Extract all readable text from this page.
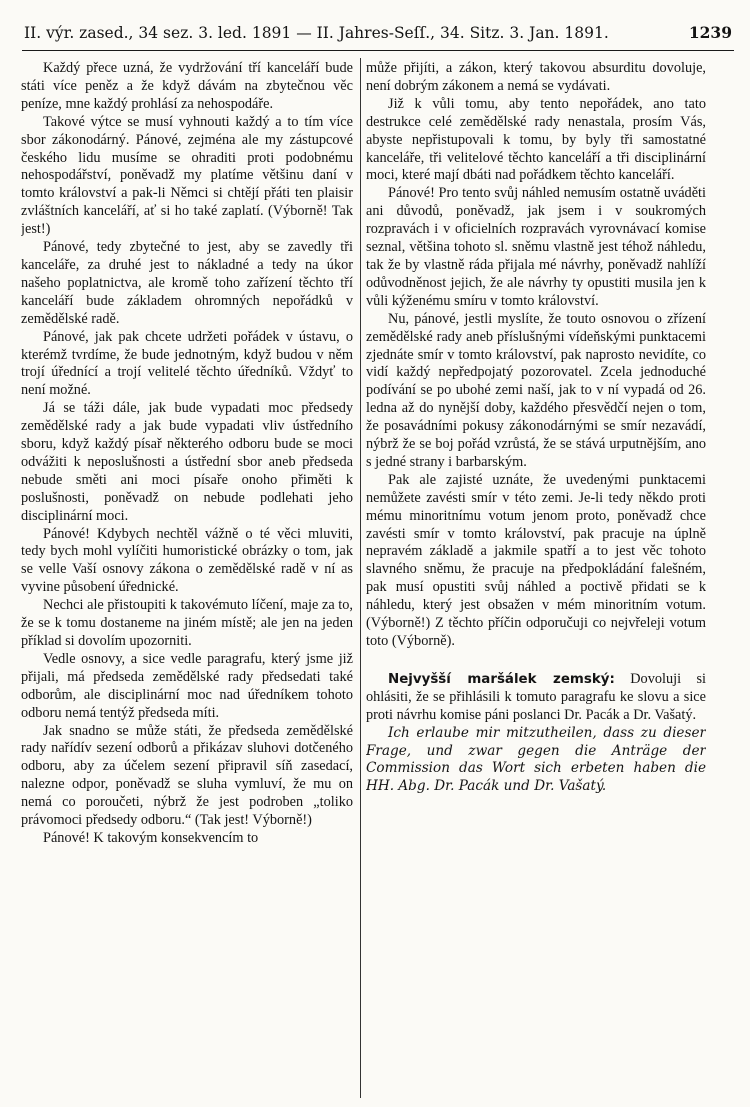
II. výr. zased., 34 sez. 3. led. 1891 — II. Jahres-Seſſ., 34. Sitz. 3. Jan. 1891.	1239

Každý přece uzná, že vydržování tří kanceláří bude státi více peněz a že když dávám na zbytečnou věc peníze, mne každý prohlásí za nehospodáře.

Takové výtce se musí vyhnouti každý a to tím více sbor zákonodárný. Pánové, zejména ale my zástupcové českého lidu musíme se ohraditi proti podobnému nehospodářství, poněvadž my platíme většinu daní v tomto království a pak-li Němci si chtějí přáti ten plaisir zvláštních kanceláří, ať si ho také zaplatí. (Výborně! Tak jest!)

Pánové, tedy zbytečné to jest, aby se zavedly tři kanceláře, za druhé jest to nákladné a tedy na úkor našeho poplatnictva, ale kromě toho zařízení těchto tří kanceláří bude základem ohromných nepořádků v zemědělské radě.

Pánové, jak pak chcete udržeti pořádek v ústavu, o kterémž tvrdíme, že bude jednotným, když budou v něm trojí úřednící a trojí velitelé těchto úředníků. Vždyť to není možné.

Já se táži dále, jak bude vypadati moc předsedy zemědělské rady a jak bude vypadati vliv ústředního sboru, když každý písař některého odboru bude se moci odvážiti k neposlušnosti a ústřední sbor aneb předseda nebude směti ani moci písaře onoho přiměti k poslušnosti, poněvadž on nebude podlehati jeho disciplinární moci.

Pánové! Kdybych nechtěl vážně o té věci mluviti, tedy bych mohl vylíčiti humoristické obrázky o tom, jak se velle Vaší osnovy zákona o zemědělské radě v ní as vyvine působení úřednické.

Nechci ale přistoupiti k takovémuto líčení, maje za to, že se k tomu dostaneme na jiném místě; ale jen na jeden příklad si dovolím upozorniti.

Vedle osnovy, a sice vedle paragrafu, který jsme již přijali, má předseda zemědělské rady předsedati také odborům, ale disciplinární moc nad úředníkem tohoto odboru nemá tentýž předseda míti.

Jak snadno se může státi, že předseda zemědělské rady nařídív sezení odborů a přikázav sluhovi dotčeného odboru, aby za účelem sezení připravil síň zasedací, nalezne odpor, poněvadž se sluha vymluví, že mu on nemá co poroučeti, nýbrž že jest podroben „toliko právomoci předsedy odboru.“ (Tak jest! Výborně!)

Pánové! K takovým konsekvencím to

může přijíti, a zákon, který takovou absurditu dovoluje, není dobrým zákonem a nemá se vydávati.

Již k vůli tomu, aby tento nepořádek, ano tato destrukce celé zemědělské rady nenastala, prosím Vás, abyste nepřistupovali k tomu, by byly tři samostatné kanceláře, tři velitelové těchto kanceláří a tři disciplinární moci, které mají dbáti nad pořádkem těchto kanceláří.

Pánové! Pro tento svůj náhled nemusím ostatně uváděti ani důvodů, poněvadž, jak jsem i v soukromých rozpravách i v oficielních rozpravách vyrovnávací komise seznal, většina tohoto sl. sněmu vlastně jest téhož náhledu, tak že by vlastně ráda přijala mé návrhy, poněvadž nahlíží odůvodněnost jejich, že ale návrhy ty opustiti musila jen k vůli kýženému smíru v tomto království.

Nu, pánové, jestli myslíte, že touto osnovou o zřízení zemědělské rady aneb příslušnými vídeňskými punktacemi zjednáte smír v tomto království, pak naprosto nevidíte, co vidí každý nepředpojatý pozorovatel. Zcela jednoduché podívání se po ubohé zemi naší, jak to v ní vypadá od 26. ledna až do nynější doby, každého přesvědčí nejen o tom, že posavádními pokusy zákonodárnými se smír nezavádí, nýbrž že se boj pořád vzrůstá, že se stává urputnějším, ano s jedné strany i barbarským.

Pak ale zajisté uznáte, že uvedenými punktacemi nemůžete zavésti smír v této zemi. Je-li tedy někdo proti mému minoritnímu votum jenom proto, poněvadž chce zavésti smír v tomto království, pak pracuje na úplně nepravém základě a jakmile spatří a to jest věc tohoto slavného sněmu, že pracuje na předpokládání falešném, pak musí opustiti svůj náhled a poctivě přidati se k náhledu, který jest obsažen v mém minoritním votum. (Výborně!) Z těchto příčin odporučuji co nejvřeleji votum toto (Výborně).

Nejvyšší maršálek zemský: Dovoluji si ohlásiti, že se přihlásili k tomuto paragrafu ke slovu a sice proti návrhu komise páni poslanci Dr. Pacák a Dr. Vašatý.

Ich erlaube mir mitzutheilen, dass zu dieser Frage, und zwar gegen die Anträge der Commission das Wort sich erbeten haben die HH. Abg. Dr. Pacák und Dr. Vašatý.
